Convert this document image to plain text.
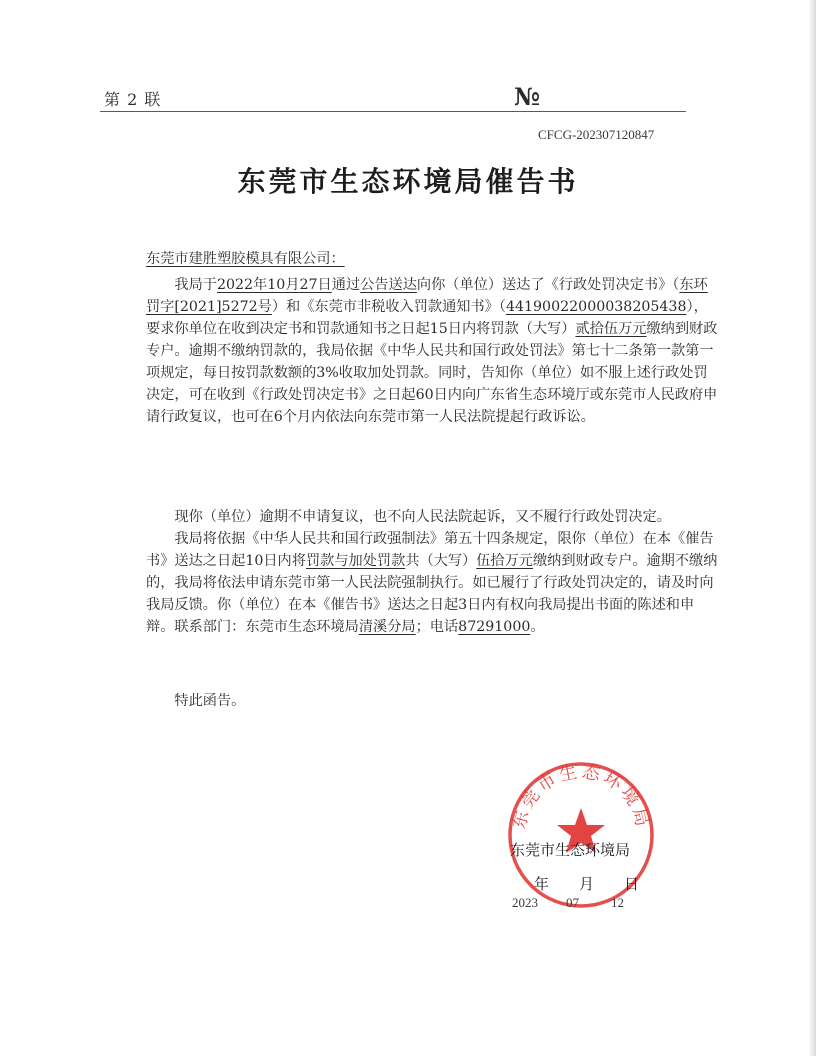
第 2 联	№
CFCG-202307120847
东莞市生态环境局催告书
东莞市建胜塑胶模具有限公司：
我局于2022年10月27日通过公告送达向你（单位）送达了《行政处罚决定书》（东环罚字[2021]5272号）和《东莞市非税收入罚款通知书》（44190022000038205438），要求你单位在收到决定书和罚款通知书之日起15日内将罚款（大写）贰拾伍万元缴纳到财政专户。逾期不缴纳罚款的，我局依据《中华人民共和国行政处罚法》第七十二条第一款第一项规定，每日按罚款数额的3%收取加处罚款。同时，告知你（单位）如不服上述行政处罚决定，可在收到《行政处罚决定书》之日起60日内向广东省生态环境厅或东莞市人民政府申请行政复议，也可在6个月内依法向东莞市第一人民法院提起行政诉讼。
现你（单位）逾期不申请复议，也不向人民法院起诉，又不履行行政处罚决定。
我局将依据《中华人民共和国行政强制法》第五十四条规定，限你（单位）在本《催告书》送达之日起10日内将罚款与加处罚款共（大写）伍拾万元缴纳到财政专户。逾期不缴纳的，我局将依法申请东莞市第一人民法院强制执行。如已履行了行政处罚决定的，请及时向我局反馈。你（单位）在本《催告书》送达之日起3日内有权向我局提出书面的陈述和申辩。联系部门：东莞市生态环境局清溪分局；电话87291000。
特此函告。
东莞市生态环境局
东莞市生态环境局
年 月 日
2023 07 12
